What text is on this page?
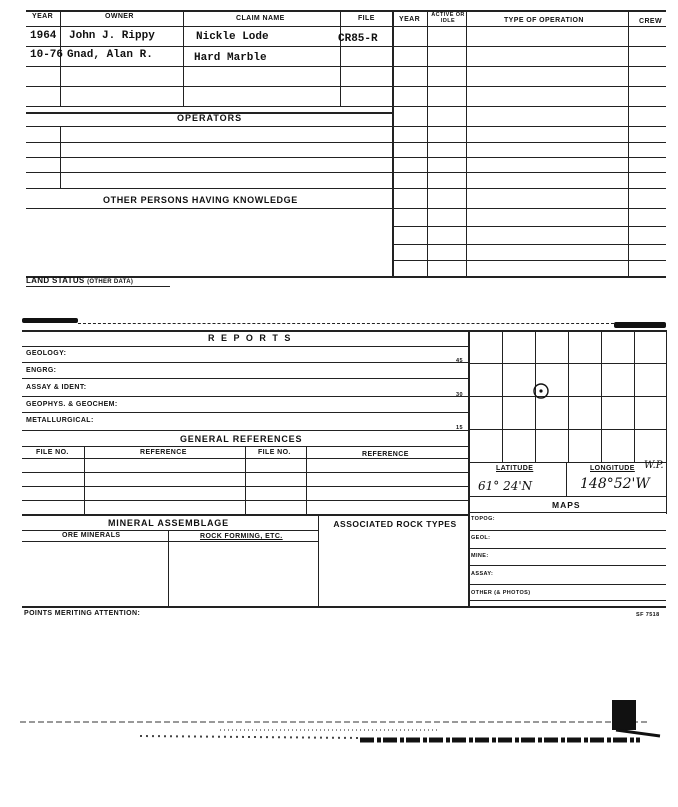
YEAR	OWNER	CLAIM NAME	FILE	YEAR
ACTIVE OR IDLE	TYPE OF OPERATION	CREW
1964 John J. Rippy	Nickle Lode	CR85-R
10-76 Gnad, Alan R.	Hard Marble
OPERATORS
OTHER PERSONS HAVING KNOWLEDGE
LAND STATUS (OTHER DATA)
R E P O R T S
GEOLOGY:
ENGRG:
ASSAY & IDENT:
GEOPHYS. & GEOCHEM:
METALLURGICAL:
45
30
15
GENERAL REFERENCES
FILE NO.	REFERENCE	FILE NO.	REFERENCE
MINERAL ASSEMBLAGE	ASSOCIATED ROCK TYPES
ORE MINERALS	ROCK FORMING, ETC.
LATITUDE	LONGITUDE W.P.
61° 24'N	148°52'W
MAPS
TOPOG:
GEOL:
MINE:
ASSAY:
OTHER (& PHOTOS)
POINTS MERITING ATTENTION:	SF 7518
